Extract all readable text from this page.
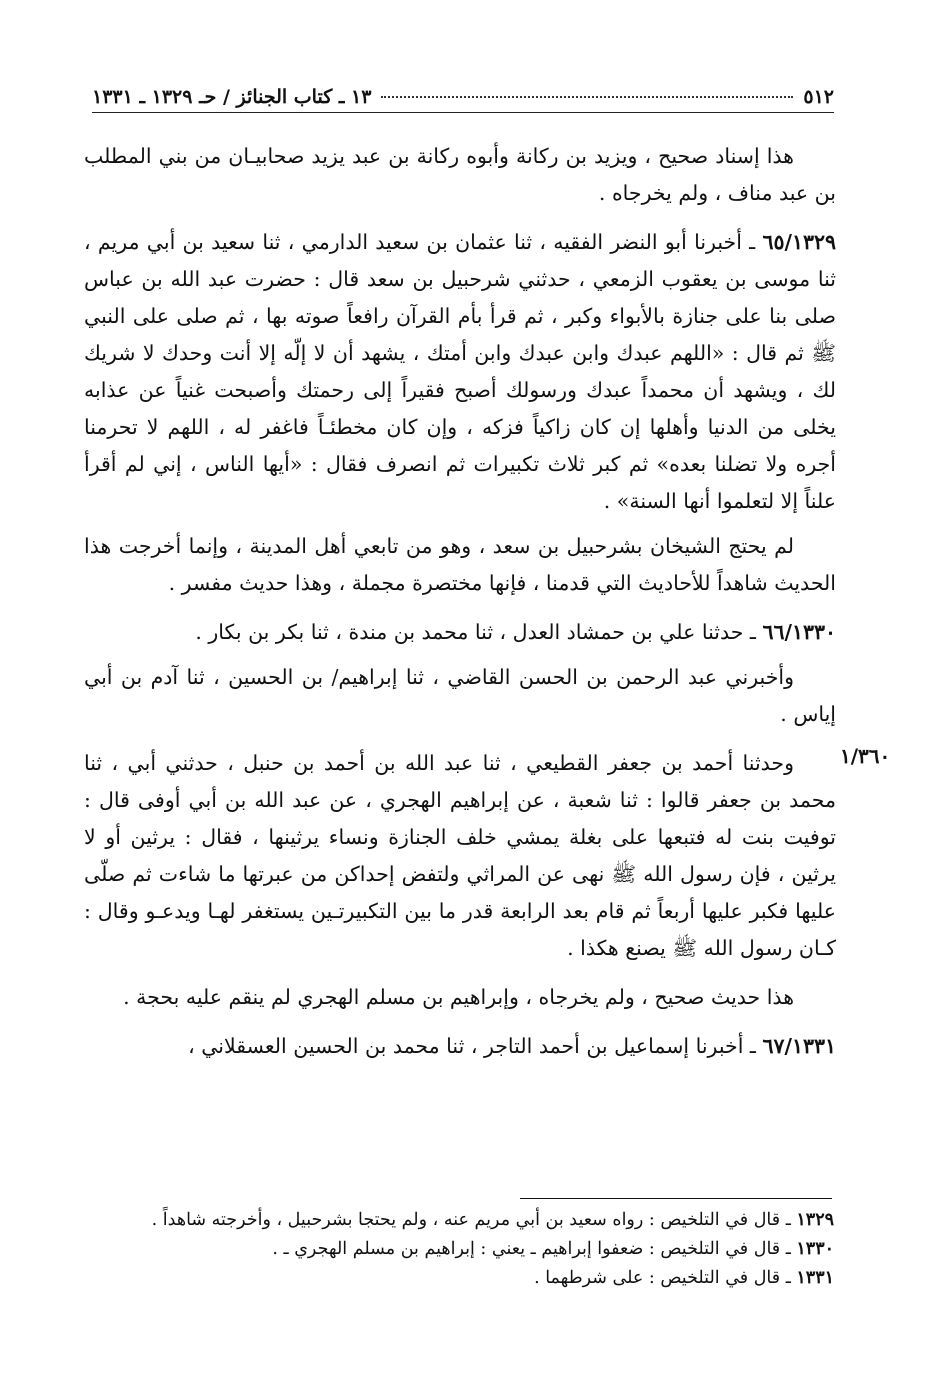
٥١٢
١٣ ـ كتاب الجنائز / حـ ١٣٢٩ ـ ١٣٣١

هذا إسناد صحيح ، ويزيد بن ركانة وأبوه ركانة بن عبد يزيد صحابيـان من بني المطلب بن عبد مناف ، ولم يخرجاه .

٦٥/١٣٢٩ ـ أخبرنا أبو النضر الفقيه ، ثنا عثمان بن سعيد الدارمي ، ثنا سعيد بن أبي مريم ، ثنا موسى بن يعقوب الزمعي ، حدثني شرحبيل بن سعد قال : حضرت عبد الله بن عباس صلى بنا على جنازة بالأبواء وكبر ، ثم قرأ بأم القرآن رافعاً صوته بها ، ثم صلى على النبي ﷺ ثم قال : «اللهم عبدك وابن عبدك وابن أمتك ، يشهد أن لا إلّه إلا أنت وحدك لا شريك لك ، ويشهد أن محمداً عبدك ورسولك أصبح فقيراً إلى رحمتك وأصبحت غنياً عن عذابه يخلى من الدنيا وأهلها إن كان زاكياً فزكه ، وإن كان مخطئـاً فاغفر له ، اللهم لا تحرمنا أجره ولا تضلنا بعده» ثم كبر ثلاث تكبيرات ثم انصرف فقال : «أيها الناس ، إني لم أقرأ علناً إلا لتعلموا أنها السنة» .

لم يحتج الشيخان بشرحبيل بن سعد ، وهو من تابعي أهل المدينة ، وإنما أخرجت هذا الحديث شاهداً للأحاديث التي قدمنا ، فإنها مختصرة مجملة ، وهذا حديث مفسر .

٦٦/١٣٣٠ ـ حدثنا علي بن حمشاد العدل ، ثنا محمد بن مندة ، ثنا بكر بن بكار .

وأخبرني عبد الرحمن بن الحسن القاضي ، ثنا إبراهيم/ بن الحسين ، ثنا آدم بن أبي إياس .

وحدثنا أحمد بن جعفر القطيعي ، ثنا عبد الله بن أحمد بن حنبل ، حدثني أبي ، ثنا محمد بن جعفر قالوا : ثنا شعبة ، عن إبراهيم الهجري ، عن عبد الله بن أبي أوفى قال : توفيت بنت له فتبعها على بغلة يمشي خلف الجنازة ونساء يرثينها ، فقال : يرثين أو لا يرثين ، فإن رسول الله ﷺ نهى عن المراثي ولتفض إحداكن من عبرتها ما شاءت ثم صلّى عليها فكبر عليها أربعاً ثم قام بعد الرابعة قدر ما بين التكبيرتـين يستغفر لهـا ويدعـو وقال : كـان رسول الله ﷺ يصنع هكذا .

هذا حديث صحيح ، ولم يخرجاه ، وإبراهيم بن مسلم الهجري لم ينقم عليه بحجة .

٦٧/١٣٣١ ـ أخبرنا إسماعيل بن أحمد التاجر ، ثنا محمد بن الحسين العسقلاني ،

١/٣٦٠
١٣٢٩ ـ قال في التلخيص : رواه سعيد بن أبي مريم عنه ، ولم يحتجا بشرحبيل ، وأخرجته شاهداً .
١٣٣٠ ـ قال في التلخيص : ضعفوا إبراهيم ـ يعني : إبراهيم بن مسلم الهجري ـ .
١٣٣١ ـ قال في التلخيص : على شرطهما .
